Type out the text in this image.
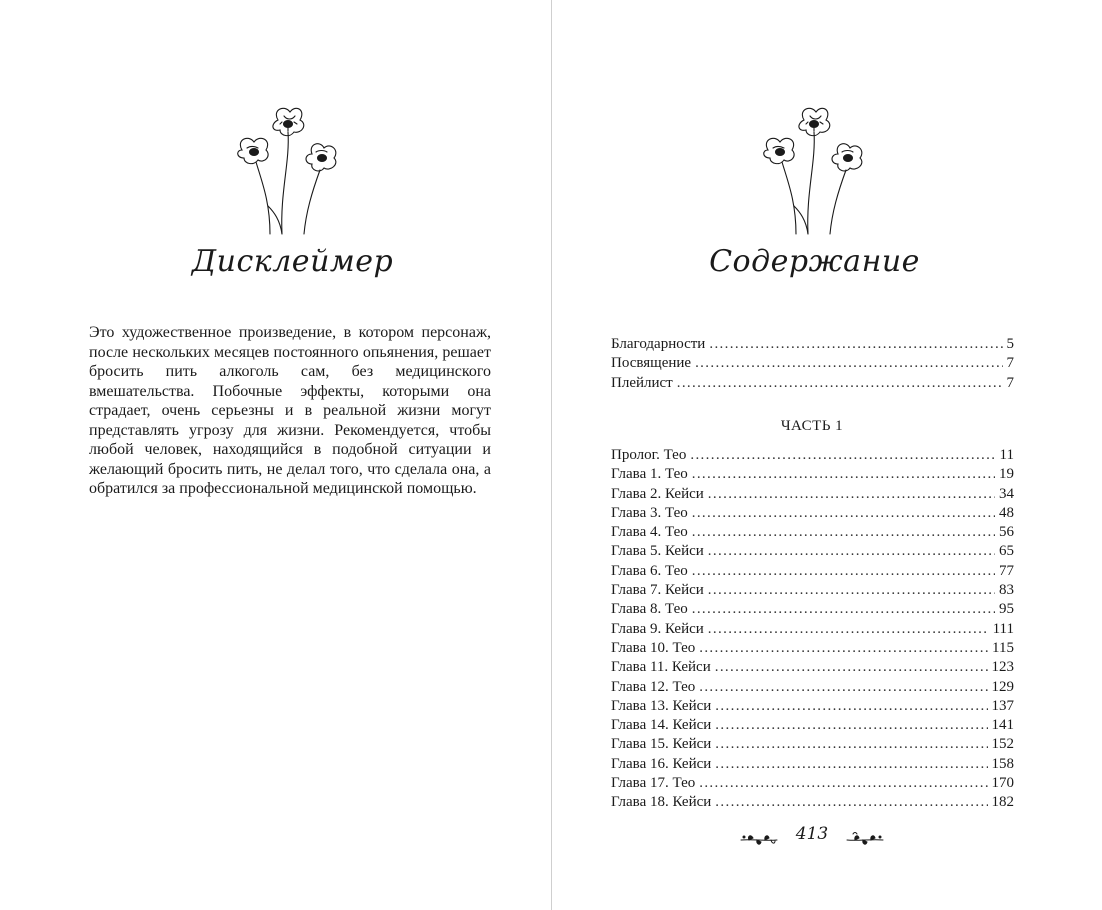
Дисклеймер

Это художественное произведение, в котором персонаж, после нескольких месяцев постоянного опьянения, решает бросить пить алкоголь сам, без медицинского вмешательства. Побочные эффекты, которыми она страдает, очень серьезны и в реальной жизни могут представлять угрозу для жизни. Рекомендуется, чтобы любой человек, находящийся в подобной ситуации и желающий бросить пить, не делал того, что сделала она, а обратился за профессиональной медицинской помощью.

Содержание
Благодарности . . .	5
Посвящение . . .	7
Плейлист . . .	7

ЧАСТЬ 1

Пролог. Тео . . .	11
Глава 1. Тео . . .	19
Глава 2. Кейси . . .	34
Глава 3. Тео . . .	48
Глава 4. Тео . . .	56
Глава 5. Кейси . . .	65
Глава 6. Тео . . .	77
Глава 7. Кейси . . .	83
Глава 8. Тео . . .	95
Глава 9. Кейси . . .	111
Глава 10. Тео . . .	115
Глава 11. Кейси . . .	123
Глава 12. Тео . . .	129
Глава 13. Кейси . . .	137
Глава 14. Кейси . . .	141
Глава 15. Кейси . . .	152
Глава 16. Кейси . . .	158
Глава 17. Тео . . .	170
Глава 18. Кейси . . .	182
413
